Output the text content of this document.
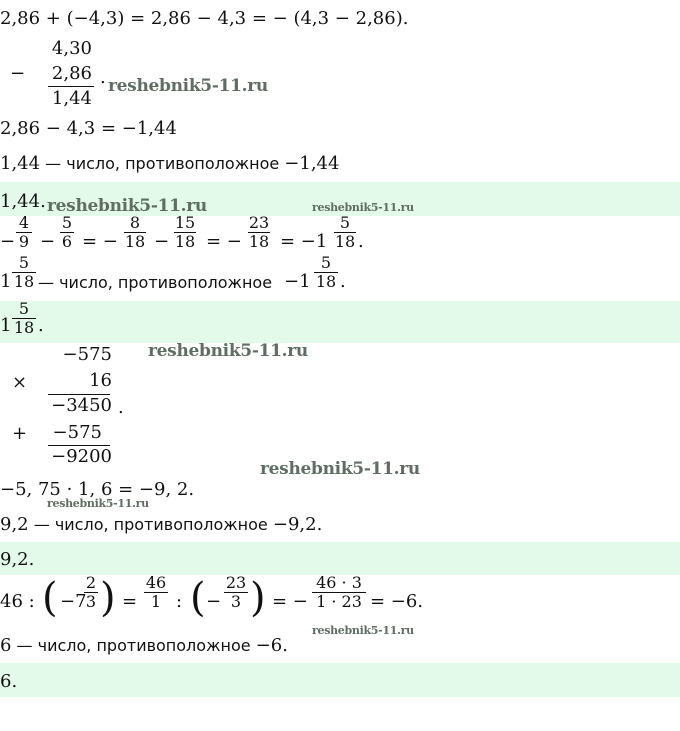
2,86 + (−4,3) = 2,86 − 4,3 = − (4,3 − 2,86).
4,30
−	2,86
1,44
. reshebnik5-11.ru
2,86 − 4,3 = −1,44
1,44 — число, противоположное −1,44
1,44. reshebnik5-11.ru	reshebnik5-11.ru
− $\frac{4}{9} - \frac{5}{6}$ = − $\frac{8}{18} - \frac{15}{18}$ = − $\frac{23}{18} = -1 \frac{5}{18}$ .
$1 \frac{5}{18}$ — число, противоположное $-1 \frac{5}{18}$ .
$1 \frac{5}{18}$ .
−575 reshebnik5-11.ru
×	16
−3450 .
+	−575
−9200
reshebnik5-11.ru
−5, 75 · 1, 6 = −9, 2.
reshebnik5-11.ru
9,2 — число, противоположное −9,2.
9,2.
46 : ( −7
$\frac{2}{3}$ ) = $\frac{46}{1}$ : ( − $\frac{23}{3}$ ) = − $\frac{46 \cdot 3}{1 \cdot 23} = -6$.
reshebnik5-11.ru
6 — число, противоположное −6.
6.
